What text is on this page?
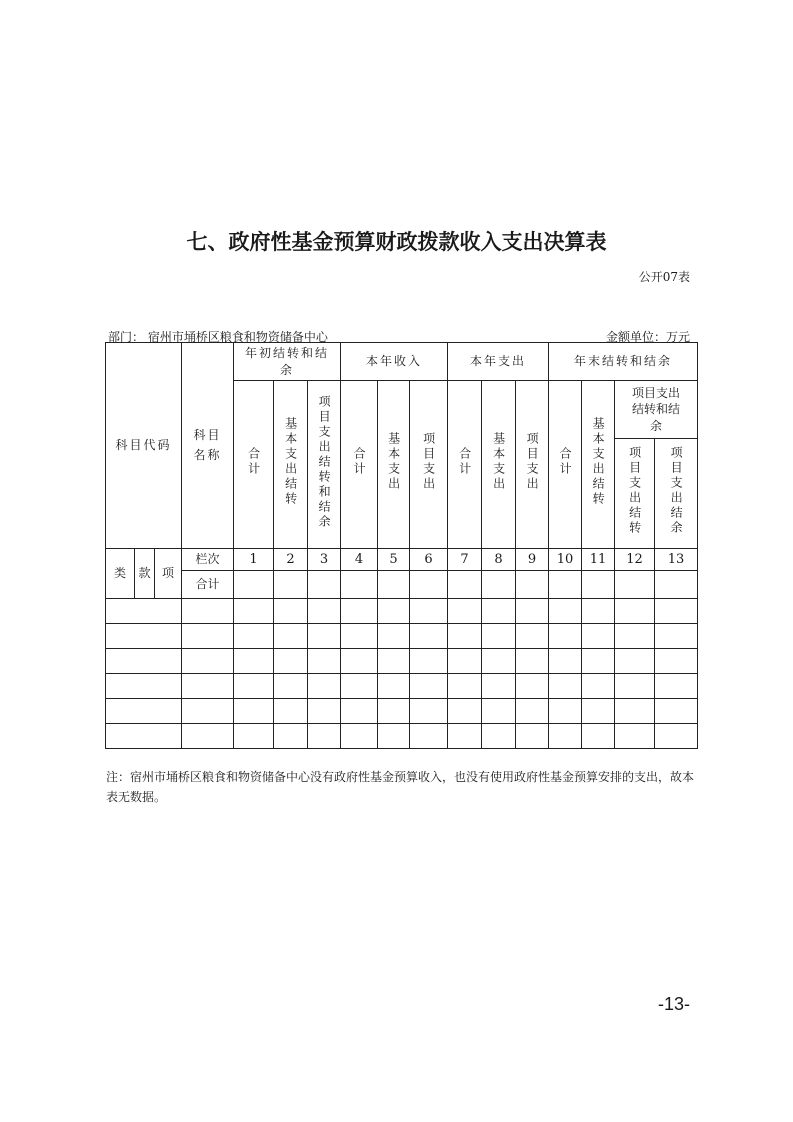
七、政府性基金预算财政拨款收入支出决算表
公开07表
部门： 宿州市埇桥区粮食和物资储备中心	金额单位：万元
科目代码			科目名称	年初结转和结余			本年收入			本年支出			年末结转和结余			
				合计	基本支出结转	项目支出结转和结余	合计	基本支出	项目支出	合计	基本支出	项目支出	合计	基本支出结转	项目支出结转和结余	
															项目支出结转	项目支出结余

类	款	项	栏次	1	2	3	4	5	6	7	8	9	10	11	12	13
			合计													

注：宿州市埇桥区粮食和物资储备中心没有政府性基金预算收入，也没有使用政府性基金预算安排的支出，故本表无数据。
-13-
